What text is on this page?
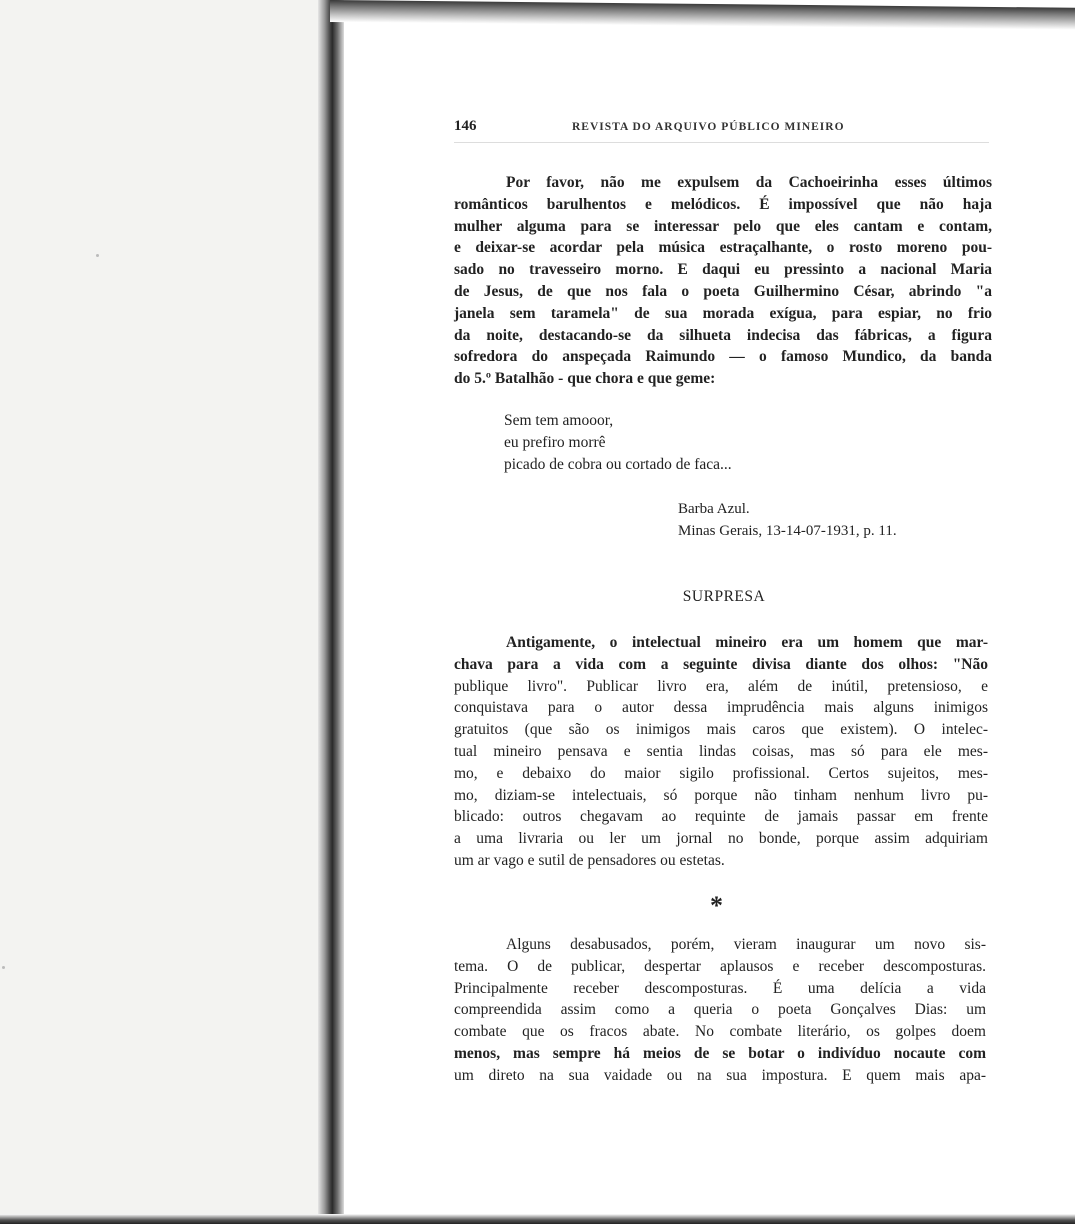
146	REVISTA DO ARQUIVO PÚBLICO MINEIRO
Por favor, não me expulsem da Cachoeirinha esses últimos
românticos barulhentos e melódicos. É impossível que não haja
mulher alguma para se interessar pelo que eles cantam e contam,
e deixar-se acordar pela música estraçalhante, o rosto moreno pou-
sado no travesseiro morno. E daqui eu pressinto a nacional Maria
de Jesus, de que nos fala o poeta Guilhermino César, abrindo "a
janela sem taramela" de sua morada exígua, para espiar, no frio
da noite, destacando-se da silhueta indecisa das fábricas, a figura
sofredora do anspeçada Raimundo — o famoso Mundico, da banda
do 5.º Batalhão - que chora e que geme:
Sem tem amooor,
eu prefiro morrê
picado de cobra ou cortado de faca...
Barba Azul.
Minas Gerais, 13-14-07-1931, p. 11.
SURPRESA
Antigamente, o intelectual mineiro era um homem que mar-
chava para a vida com a seguinte divisa diante dos olhos: "Não
publique livro". Publicar livro era, além de inútil, pretensioso, e
conquistava para o autor dessa imprudência mais alguns inimigos
gratuitos (que são os inimigos mais caros que existem). O intelec-
tual mineiro pensava e sentia lindas coisas, mas só para ele mes-
mo, e debaixo do maior sigilo profissional. Certos sujeitos, mes-
mo, diziam-se intelectuais, só porque não tinham nenhum livro pu-
blicado: outros chegavam ao requinte de jamais passar em frente
a uma livraria ou ler um jornal no bonde, porque assim adquiriam
um ar vago e sutil de pensadores ou estetas.
*
Alguns desabusados, porém, vieram inaugurar um novo sis-
tema. O de publicar, despertar aplausos e receber descomposturas.
Principalmente receber descomposturas. É uma delícia a vida
compreendida assim como a queria o poeta Gonçalves Dias: um
combate que os fracos abate. No combate literário, os golpes doem
menos, mas sempre há meios de se botar o indivíduo nocaute com
um direto na sua vaidade ou na sua impostura. E quem mais apa-
